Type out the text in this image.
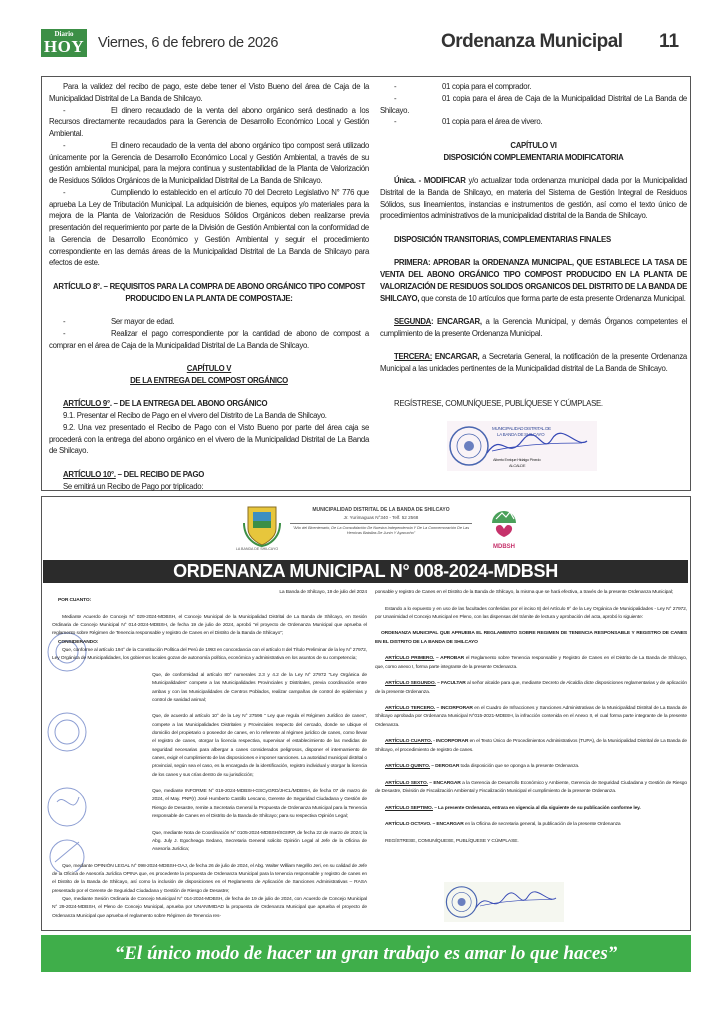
Diario
HOY Viernes, 6 de febrero de 2026	Ordenanza Municipal 11
Para la validez del recibo de pago, este debe tener el Visto Bueno del área de Caja de la Municipalidad Distrital de La Banda de Shilcayo.
- El dinero recaudado de la venta del abono orgánico será destinado a los Recursos directamente recaudados para la Gerencia de Desarrollo Económico Local y Gestión Ambiental.
- El dinero recaudado de la venta del abono orgánico tipo compost será utilizado únicamente por la Gerencia de Desarrollo Económico Local y Gestión Ambiental, a través de su gestión ambiental municipal, para la mejora continua y sustentabilidad de la Planta de Valorización de Residuos Sólidos Orgánicos de la Municipalidad Distrital de La Banda de Shilcayo.
- Cumpliendo lo establecido en el artículo 70 del Decreto Legislativo N° 776 que aprueba La Ley de Tributación Municipal. La adquisición de bienes, equipos y/o materiales para la mejora de la Planta de Valorización de Residuos Sólidos Orgánicos deben realizarse previa presentación del requerimiento por parte de la División de Gestión Ambiental con la conformidad de la Gerencia de Desarrollo Económico y Gestión Ambiental y seguir el procedimiento correspondiente en las demás áreas de la Municipalidad Distrital de La Banda de Shilcayo para efectos de este.
ARTÍCULO 8°. – REQUISITOS PARA LA COMPRA DE ABONO ORGÁNICO TIPO COMPOST PRODUCIDO EN LA PLANTA DE COMPOSTAJE:
- Ser mayor de edad.
- Realizar el pago correspondiente por la cantidad de abono de compost a comprar en el área de Caja de la Municipalidad Distrital de La Banda de Shilcayo.
CAPÍTULO V
DE LA ENTREGA DEL COMPOST ORGÁNICO
ARTÍCULO 9°. – DE LA ENTREGA DEL ABONO ORGÁNICO
9.1. Presentar el Recibo de Pago en el vivero del Distrito de La Banda de Shilcayo.
9.2. Una vez presentado el Recibo de Pago con el Visto Bueno por parte del área caja se procederá con la entrega del abono orgánico en el vivero de la Municipalidad Distrital de La Banda de Shilcayo.
ARTÍCULO 10°. – DEL RECIBO DE PAGO
Se emitirá un Recibo de Pago por triplicado:
- 01 copia para el comprador.
- 01 copia para el área de Caja de la Municipalidad Distrital de La Banda de Shilcayo.
- 01 copia para el área de vivero.
CAPÍTULO VI
DISPOSICIÓN COMPLEMENTARIA MODIFICATORIA
Única. - MODIFICAR y/o actualizar toda ordenanza municipal dada por la Municipalidad Distrital de la Banda de Shilcayo, en materia del Sistema de Gestión Integral de Residuos Sólidos, sus lineamientos, instancias e instrumentos de gestión, así como el texto único de procedimientos administrativos de la municipalidad distrital de la Banda de Shilcayo.
DISPOSICIÓN TRANSITORIAS, COMPLEMENTARIAS FINALES
PRIMERA: APROBAR la ORDENANZA MUNICIPAL, QUE ESTABLECE LA TASA DE VENTA DEL ABONO ORGÁNICO TIPO COMPOST PRODUCIDO EN LA PLANTA DE VALORIZACIÓN DE RESIDUOS SOLIDOS ORGANICOS DEL DISTRITO DE LA BANDA DE SHILCAYO, que consta de 10 artículos que forma parte de esta presente Ordenanza Municipal.
SEGUNDA: ENCARGAR, a la Gerencia Municipal, y demás Órganos competentes el cumplimiento de la presente Ordenanza Municipal.
TERCERA: ENCARGAR, a Secretaria General, la notificación de la presente Ordenanza Municipal a las unidades pertinentes de la Municipalidad distrital de La Banda de Shilcayo.
REGÍSTRESE, COMUNÍQUESE, PUBLÍQUESE Y CÚMPLASE.
MUNICIPALIDAD DISTRITAL DE
LA BANDA DE SHILCAYO
Alberto Enrique Hidalgo Pinedo
ALCALDE
LA BANDA DE SHILCAYO
MUNICIPALIDAD DISTRITAL DE LA BANDA DE SHILCAYO
Jr. Yurimaguas N°340 - Telf. 52 2568
"Año del Bicentenario, De La Consolidación De Nuestra Independencia Y De La Conmemoración De Las Heroicas Batallas De Junín Y Ayacucho"
MDBSH
ORDENANZA MUNICIPAL N° 008-2024-MDBSH
La Banda de Shilcayo, 19 de julio del 2024
POR CUANTO:
Mediante Acuerdo de Concejo N° 029-2024-MDBSH, el Concejo Municipal de la Municipalidad Distrital de La Banda de Shilcayo, en Sesión Ordinaria de Concejo Municipal N° 014-2024-MDBSH, de fecha 19 de julio de 2024, aprobó "el proyecto de Ordenanza Municipal que aprueba el reglamento sobre Régimen de Tenencia responsable y registro de Canes en el Distrito de la Banda de Shilcayo";
CONSIDERANDO:
Que, conforme al artículo 194° de la Constitución Política del Perú de 1993 en concordancia con el artículo II del Título Preliminar de la ley N° 27972, Ley Orgánica de Municipalidades, los gobiernos locales gozan de autonomía política, económica y administrativa en los asuntos de su competencia;
Que, de conformidad al artículo 80° numerales 2.3 y 4.2 de la Ley N° 27972 "Ley Orgánica de Municipalidades" compete a las Municipalidades Provinciales y Distritales, previa coordinación entre ambas y con las Municipalidades de Centros Poblados, realizar campañas de control de epidemias y control de sanidad animal;
Que, de acuerdo al artículo 10° de la Ley N° 27596 " Ley que regula el Régimen Jurídico de canes", compete a las Municipalidades Distritales y Provinciales respecto del cercado, donde se ubique el domicilio del propietario o poseedor de canes, en lo referente al régimen jurídico de canes, como llevar el registro de canes, otorgar la licencia respectiva, supervisar el establecimiento de las medidas de seguridad necesarias para albergar a canes considerados peligrosos, disponer el internamiento de canes, exigir el cumplimiento de las disposiciones e imponer sanciones. La autoridad municipal distrital o provincial, según sea el caso, es la encargada de la identificación, registro individual y otorgar la licencia de los canes y sus crías dentro de su jurisdicción;
Que, mediante INFORME N° 019-2024-MDBSH-GSCyGRD/JHCL/MDBSH, de fecha 07 de marzo de 2024, el May. PNP(r) José Humberto Castillo Lescano, Gerente de Seguridad Ciudadana y Gestión de Riesgo de Desastre, remite a Secretaria General la Propuesta de Ordenanza Municipal para la Tenencia responsable de Canes en el Distrito de la Banda de Shilcayo; para su respectiva Opinión Legal;
Que, mediante Nota de Coordinación N° 0105-2024-MDBSH/SGIIRP, de fecha 22 de marzo de 2024; la Abg. July J. Egocheaga Sedano, Secretaria General solicito Opinión Legal al Jefe de la Oficina de Asesoría Jurídica;
Que, mediante OPINIÓN LEGAL N° 098-2024-MDBSH-OAJ, de fecha 26 de julio de 2024, el Abg. Walter William Negrillo Jeri, en su calidad de Jefe de la Oficina de Asesoría Jurídica OPINA que, es procedente la propuesta de Ordenanza Municipal para la tenencia responsable y registro de canes en el Distrito de la Banda de Shilcayo, así como la inclusión de disposiciones en el Reglamento de Aplicación de Sanciones Administrativas – RASA presentado por el Gerente de Seguridad Ciudadana y Gestión de Riesgo de Desastre;
Que, mediante Sesión Ordinaria de Concejo Municipal N° 014-2024-MDBSH, de fecha de 19 de julio de 2024, con Acuerdo de Concejo Municipal N° 29-2024-MDBSH, el Pleno de Concejo Municipal, aprueba por UNANIMIDAD la propuesta de Ordenanza Municipal que aprueba el proyecto de Ordenanza Municipal que aprueba el reglamento sobre Régimen de Tenencia res-
ponsable y registro de Canes en el Distrito de la Banda de Shilcayo, la misma que se hará efectiva, a través de la presente Ordenanza Municipal;
Estando a lo expuesto y en uso de las facultades conferidas por el inciso 8) del Artículo 9° de la Ley Orgánica de Municipalidades - Ley N° 27972, por Unanimidad el Concejo Municipal en Pleno, con las dispensas del trámite de lectura y aprobación del acta, aprobó lo siguiente:
ORDENANZA MUNICIPAL QUE APRUEBA EL REGLAMENTO SOBRE REGIMEN DE TENENCIA RESPONSABLE Y REGISTRO DE CANES EN EL DISTRITO DE LA BANDA DE SHILCAYO
ARTÍCULO PRIMERO. – APROBAR el Reglamento sobre Tenencia responsable y Registro de Canes en el Distrito de La Banda de Shilcayo, que, como anexo I, forma parte integrante de la presente Ordenanza.
ARTÍCULO SEGUNDO. – FACULTAR al señor alcalde para que, mediante Decreto de Alcaldía dicte disposiciones reglamentarias y de aplicación de la presente Ordenanza.
ARTÍCULO TERCERO. – INCORPORAR en el Cuadro de Infracciones y Sanciones Administrativas de la Municipalidad Distrital de La Banda de Shilcayo aprobada por Ordenanza Municipal N°015-2021-MDBSH, la infracción contenida en el Anexo II, el cual forma parte integrante de la presente Ordenanza.
ARTÍCULO CUARTO. - INCORPORAR en el Texto Único de Procedimientos Administrativos (TUPA), de la Municipalidad Distrital de La Banda de Shilcayo, el procedimiento de registro de canes.
ARTÍCULO QUINTO. – DEROGAR toda disposición que se oponga a la presente Ordenanza.
ARTÍCULO SEXTO. – ENCARGAR a la Gerencia de Desarrollo Económico y Ambiente, Gerencia de Seguridad Ciudadana y Gestión de Riesgo de Desastre, División de Fiscalización Ambiental y Fiscalización Municipal el cumplimiento de la presente Ordenanza.
ARTÍCULO SEPTIMO. – La presente Ordenanza, entrara en vigencia al día siguiente de su publicación conforme ley.
ARTÍCULO OCTAVO. – ENCARGAR en la Oficina de secretaria general, la publicación de la presente Ordenanza
REGÍSTRESE, COMUNÍQUESE, PUBLÍQUESE Y CÚMPLASE.
“El único modo de hacer un gran trabajo es amar lo que haces”
